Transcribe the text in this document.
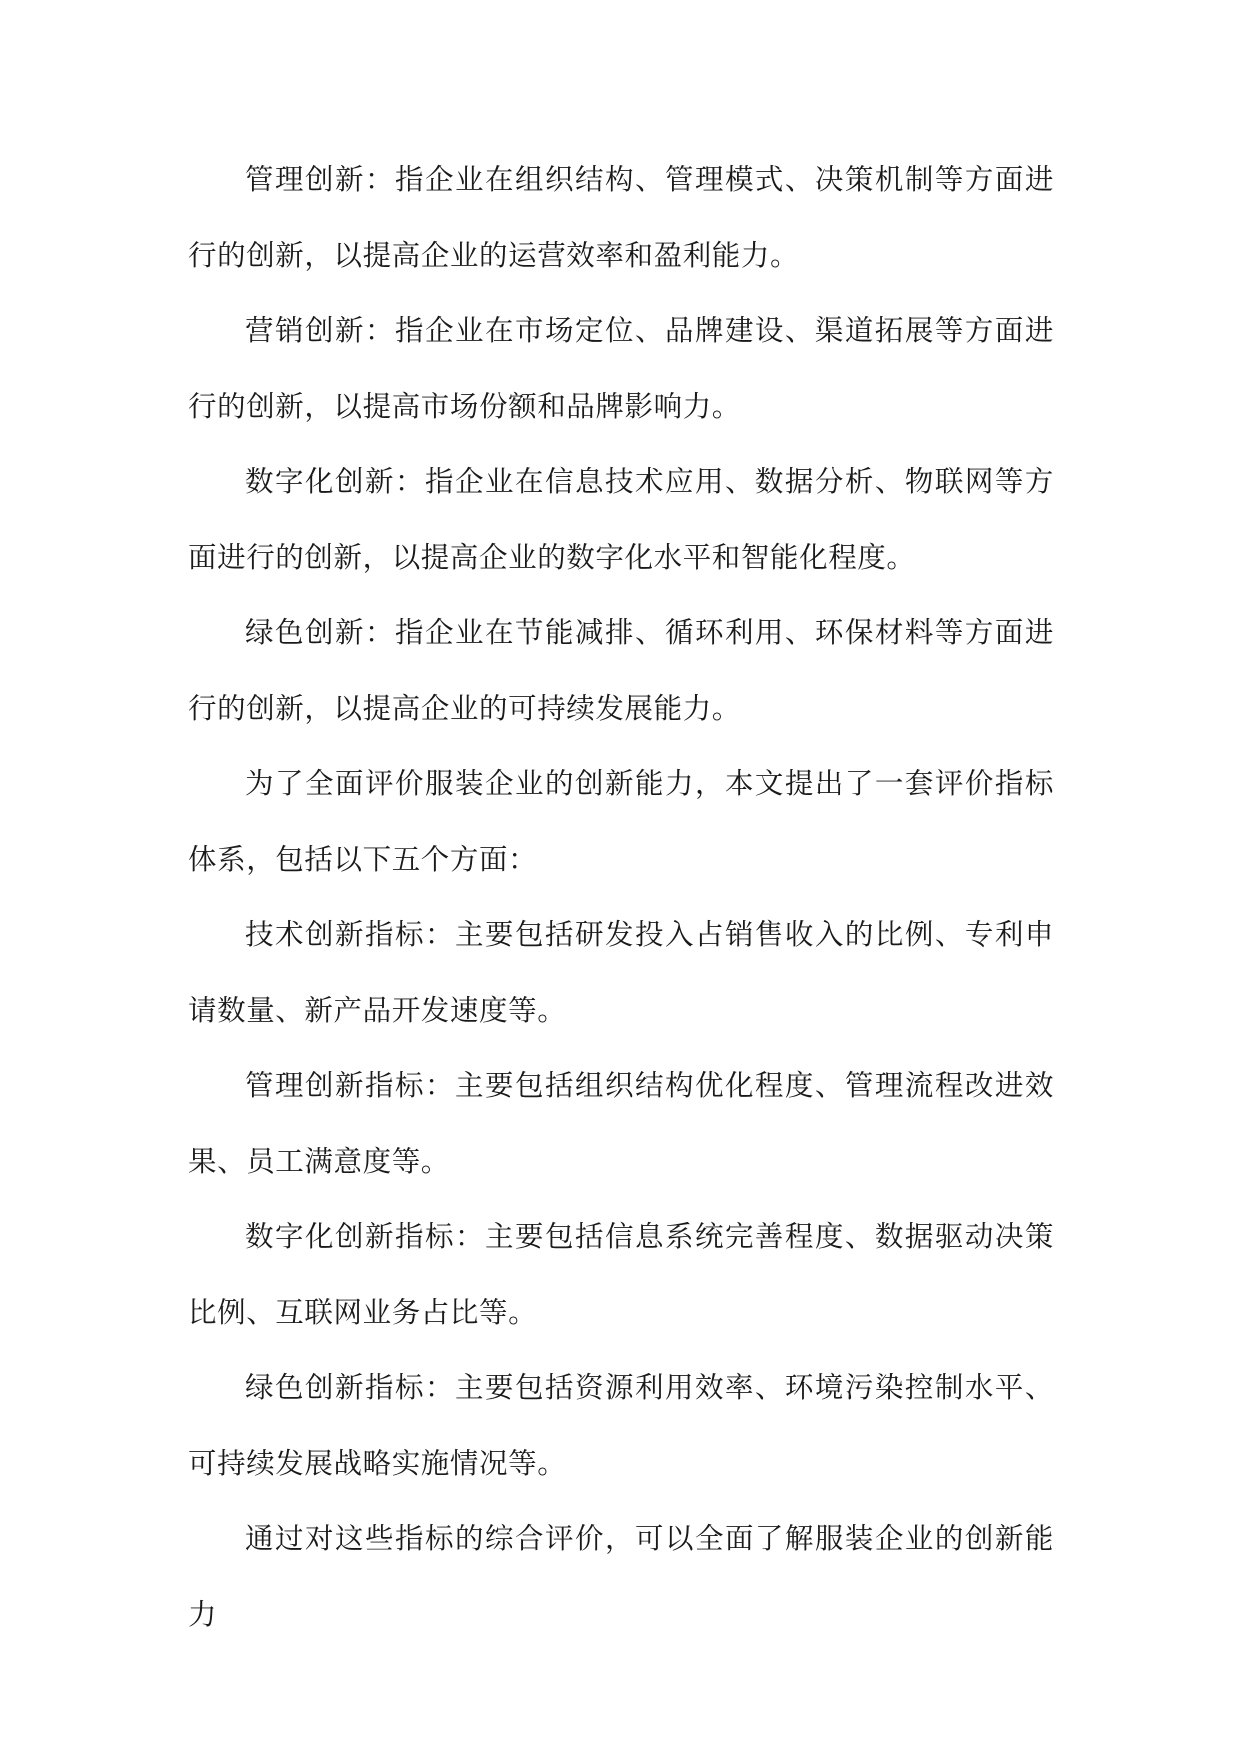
管理创新：指企业在组织结构、管理模式、决策机制等方面进行的创新，以提高企业的运营效率和盈利能力。

营销创新：指企业在市场定位、品牌建设、渠道拓展等方面进行的创新，以提高市场份额和品牌影响力。

数字化创新：指企业在信息技术应用、数据分析、物联网等方面进行的创新，以提高企业的数字化水平和智能化程度。

绿色创新：指企业在节能减排、循环利用、环保材料等方面进行的创新，以提高企业的可持续发展能力。

为了全面评价服装企业的创新能力，本文提出了一套评价指标体系，包括以下五个方面：

技术创新指标：主要包括研发投入占销售收入的比例、专利申请数量、新产品开发速度等。

管理创新指标：主要包括组织结构优化程度、管理流程改进效果、员工满意度等。

数字化创新指标：主要包括信息系统完善程度、数据驱动决策比例、互联网业务占比等。

绿色创新指标：主要包括资源利用效率、环境污染控制水平、可持续发展战略实施情况等。

通过对这些指标的综合评价，可以全面了解服装企业的创新能力
